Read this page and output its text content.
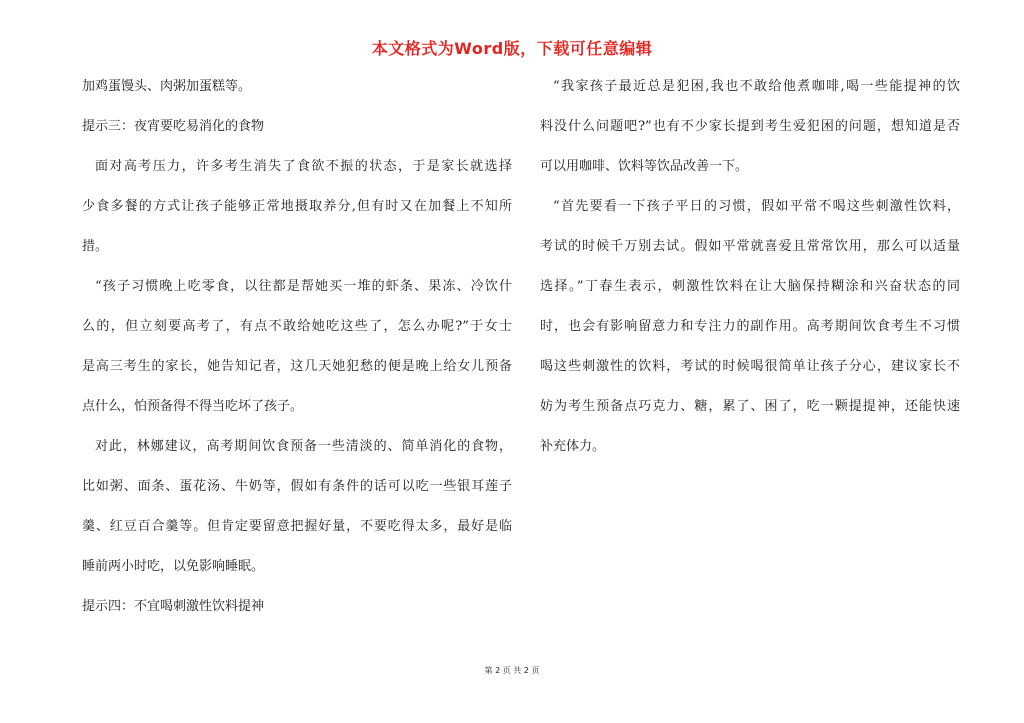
本文格式为Word版，下载可任意编辑
加鸡蛋馒头、肉粥加蛋糕等。
提示三：夜宵要吃易消化的食物
面对高考压力，许多考生消失了食欲不振的状态，于是家长就选择
少食多餐的方式让孩子能够正常地摄取养分,但有时又在加餐上不知所
措。
“孩子习惯晚上吃零食，以往都是帮她买一堆的虾条、果冻、冷饮什
么的，但立刻要高考了，有点不敢给她吃这些了，怎么办呢?”于女士
是高三考生的家长，她告知记者，这几天她犯愁的便是晚上给女儿预备
点什么，怕预备得不得当吃坏了孩子。
对此，林娜建议，高考期间饮食预备一些清淡的、简单消化的食物，
比如粥、面条、蛋花汤、牛奶等，假如有条件的话可以吃一些银耳莲子
羹、红豆百合羹等。但肯定要留意把握好量，不要吃得太多，最好是临
睡前两小时吃，以免影响睡眠。
提示四：不宜喝刺激性饮料提神
“我家孩子最近总是犯困,我也不敢给他煮咖啡,喝一些能提神的饮
料没什么问题吧?”也有不少家长提到考生爱犯困的问题，想知道是否
可以用咖啡、饮料等饮品改善一下。
“首先要看一下孩子平日的习惯，假如平常不喝这些刺激性饮料，
考试的时候千万别去试。假如平常就喜爱且常常饮用，那么可以适量
选择。”丁春生表示，刺激性饮料在让大脑保持糊涂和兴奋状态的同
时，也会有影响留意力和专注力的副作用。高考期间饮食考生不习惯
喝这些刺激性的饮料，考试的时候喝很简单让孩子分心，建议家长不
妨为考生预备点巧克力、糖，累了、困了，吃一颗提提神，还能快速
补充体力。
第 2 页 共 2 页
